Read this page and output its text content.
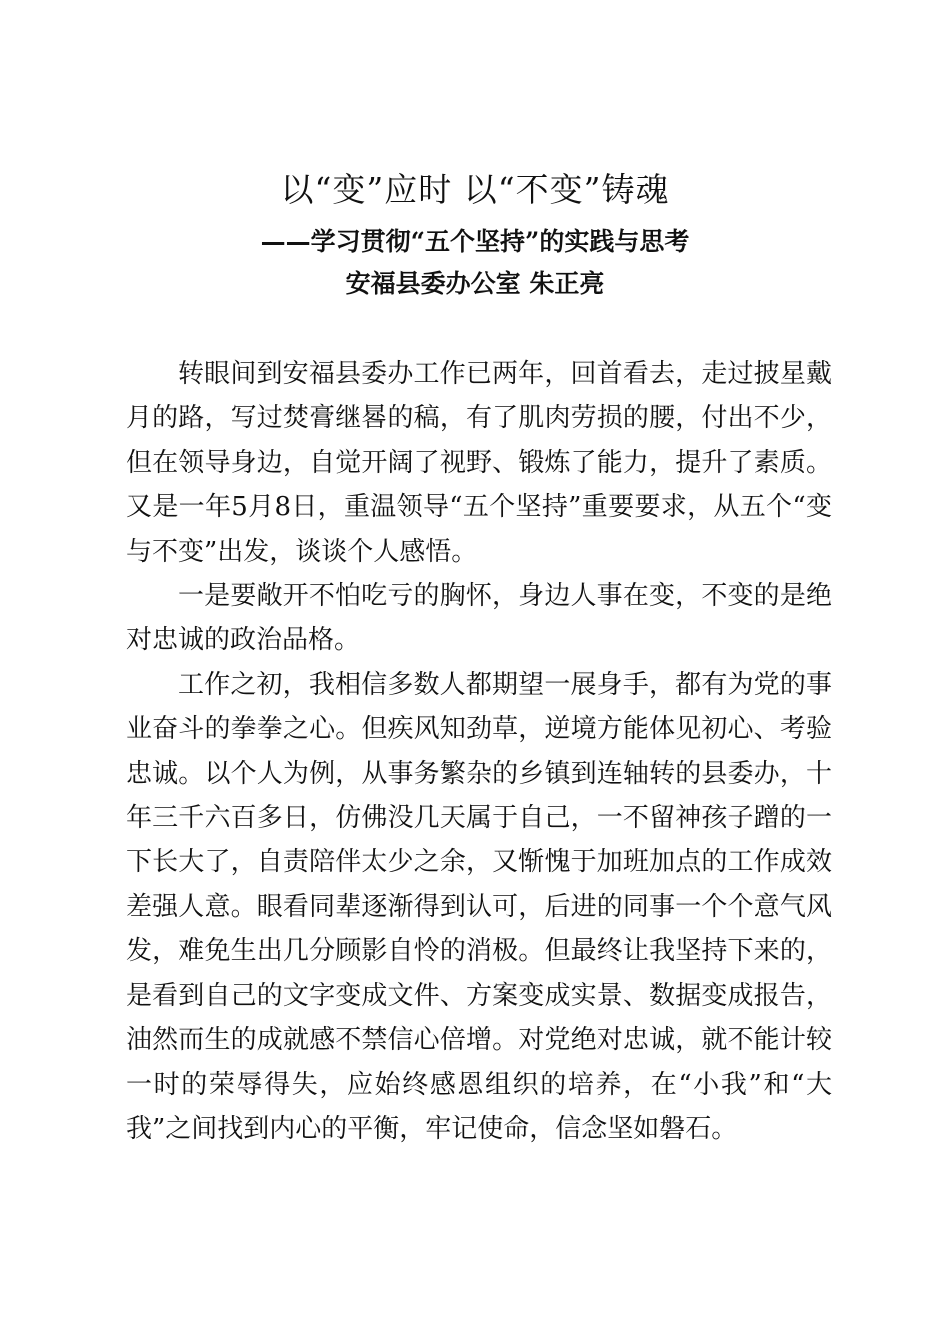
以“变”应时 以“不变”铸魂
——学习贯彻“五个坚持”的实践与思考
安福县委办公室 朱正亮

转眼间到安福县委办工作已两年，回首看去，走过披星戴月的路，写过焚膏继晷的稿，有了肌肉劳损的腰，付出不少，但在领导身边，自觉开阔了视野、锻炼了能力，提升了素质。又是一年5月8日，重温领导“五个坚持”重要要求，从五个“变与不变”出发，谈谈个人感悟。

一是要敞开不怕吃亏的胸怀，身边人事在变，不变的是绝对忠诚的政治品格。

工作之初，我相信多数人都期望一展身手，都有为党的事业奋斗的拳拳之心。但疾风知劲草，逆境方能体见初心、考验忠诚。以个人为例，从事务繁杂的乡镇到连轴转的县委办，十年三千六百多日，仿佛没几天属于自己，一不留神孩子蹭的一下长大了，自责陪伴太少之余，又惭愧于加班加点的工作成效差强人意。眼看同辈逐渐得到认可，后进的同事一个个意气风发，难免生出几分顾影自怜的消极。但最终让我坚持下来的，是看到自己的文字变成文件、方案变成实景、数据变成报告，油然而生的成就感不禁信心倍增。对党绝对忠诚，就不能计较一时的荣辱得失，应始终感恩组织的培养，在“小我”和“大我”之间找到内心的平衡，牢记使命，信念坚如磐石。
